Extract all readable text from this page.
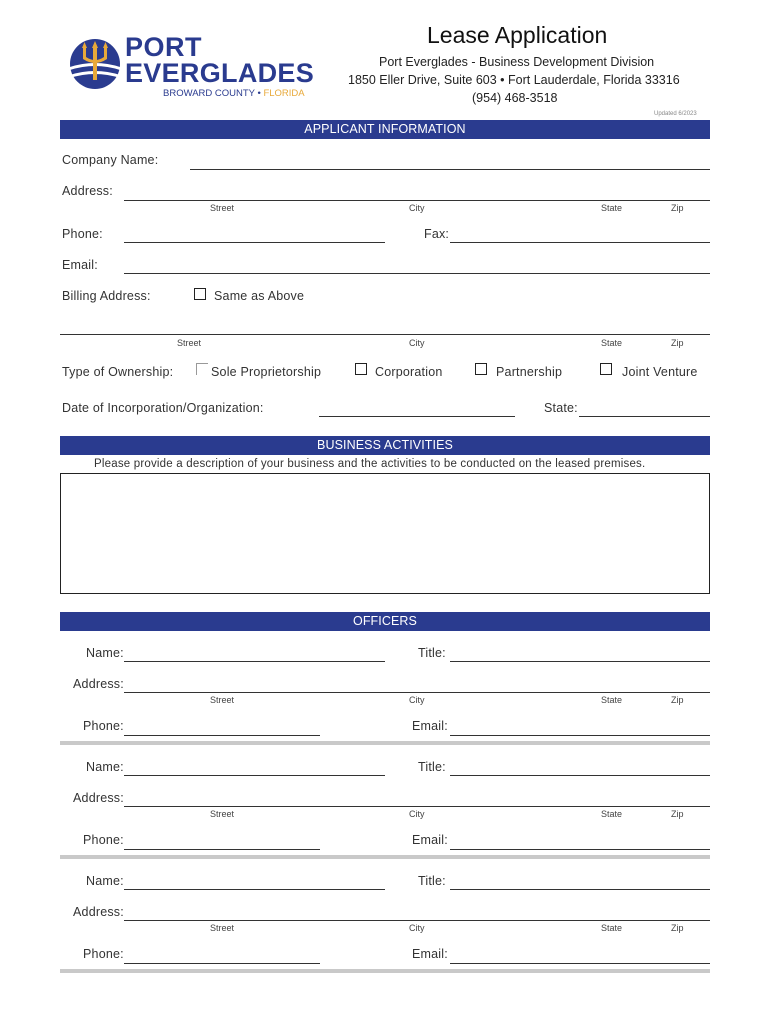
PORT
EVERGLADES
BROWARD COUNTY • FLORIDA
Lease Application
Port Everglades - Business Development Division
1850 Eller Drive, Suite 603 • Fort Lauderdale, Florida 33316
(954) 468-3518
Updated 6/2023
APPLICANT INFORMATION
Company Name:
Address:
Street	City	State	Zip
Phone:	Fax:
Email:
Billing Address:	Same as Above
Street	City	State	Zip
Type of Ownership:	Sole Proprietorship	Corporation	Partnership	Joint Venture
Date of Incorporation/Organization:	State:
BUSINESS ACTIVITIES
Please provide a description of your business and the activities to be conducted on the leased premises.
OFFICERS
Name:	Title:
Address:
Street	City	State	Zip
Phone:	Email:
Name:	Title:
Address:
Street	City	State	Zip
Phone:	Email:
Name:	Title:
Address:
Street	City	State	Zip
Phone:	Email:
